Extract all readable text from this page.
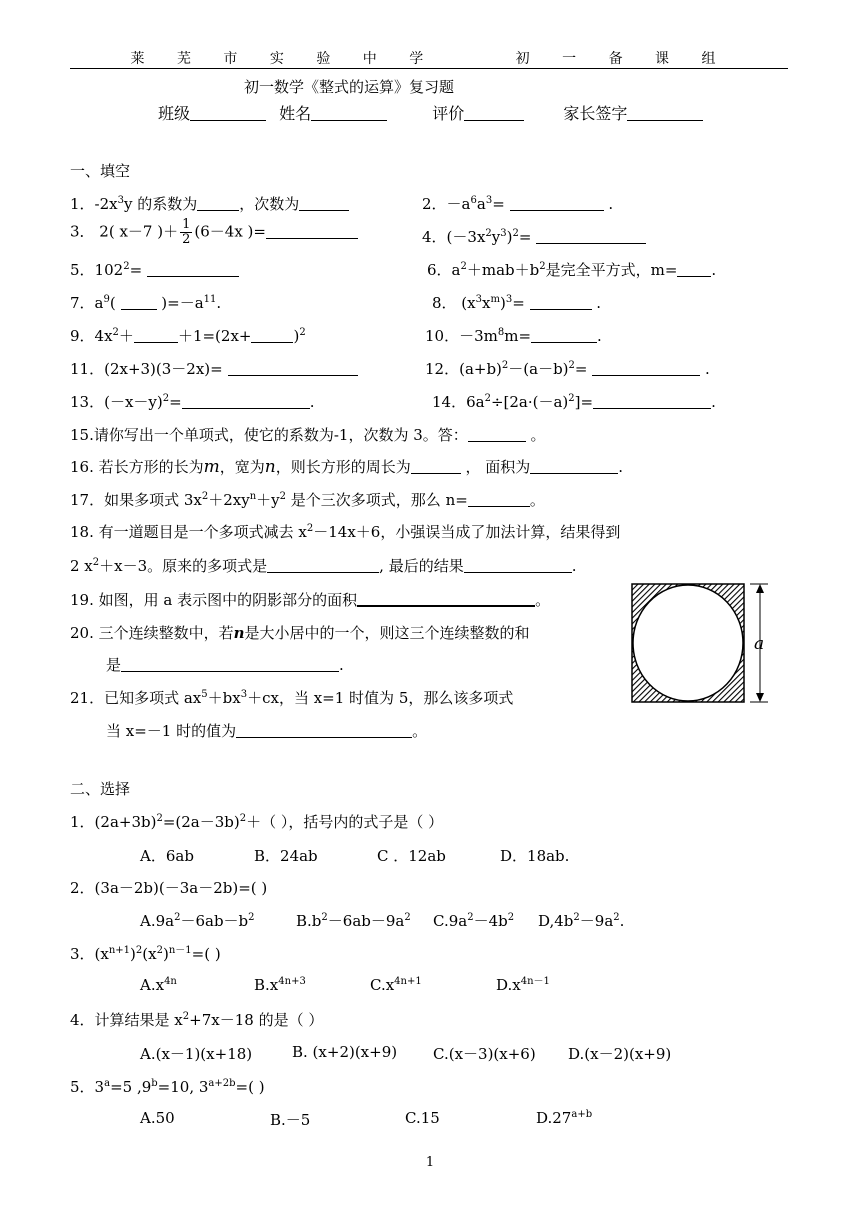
莱 芜 市 实 验 中 学	初 一 备 课 组
初一数学《整式的运算》复习题
班级	姓名	评价	家长签字
一、填空
1．$-2x^3y$ 的系数为	，次数为	2．$-a^6a^3=$	.
3． 2( x－7 )＋ $\frac{1}{2} (6-4x$ )=	4．$(-3x^2y^3)^2=$
5．$102^2=$	6．$a^2+mab+b^2$是完全平方式，m= .
7．$a^9$(  )$=-a^{11}$.	8． $(x^3x^m)^3=$	.
9．$4x^2+$	＋1=(2x+	)$^2$	10．$-3m^8m=$	.
11．(2x+3)(3－2x)=	12．$(a+b)^2-(a-b)^2=$	.
13．$(-x-y)^2=$	.	14．$6a^2\div[2a\cdot(-a)^2]=$	.
15.请你写出一个单项式，使它的系数为-1，次数为 3。答：	。
16. 若长方形的长为m，宽为n，则长方形的周长为	， 面积为	.
17．如果多项式 $3x^2+2xy^n+y^2$ 是个三次多项式，那么 n=	。
18. 有一道题目是一个多项式减去 $x^2-14x+6$，小强误当成了加法计算，结果得到
2 $x^2+x-3$。原来的多项式是	, 最后的结果	.
19. 如图，用 a 表示图中的阴影部分的面积	。
20. 三个连续整数中，若n是大小居中的一个，则这三个连续整数的和
是	.
21．已知多项式 $ax^5+bx^3+cx$，当 x=1 时值为 5，那么该多项式
当 x=－1 时的值为	。
a
二、选择
1．$(2a+3b)^2=(2a-3b)^2+$（ ），括号内的式子是（ ）
A．6ab	B．24ab	C ．12ab	D．18ab.
2．(3a－2b)(－3a－2b)=( )
$A.9a^2-6ab-b^2$	$B.b^2-6ab-9a^2$ $C.9a^2-4b^2$ $D,4b^2-9a^2$.
3．$(x^{n+1})^2(x^2)^{n-1}=$( )
$A.x^{4n}$	$B.x^{4n+3}$	$C.x^{4n+1}$	$D.x^{4n-1}$
4．计算结果是 $x^2+7x-18$ 的是（ ）
A.(x－1)(x+18)	B. (x+2)(x+9) C.(x－3)(x+6) D.(x－2)(x+9)
5．$3^a=5$ ,9$^b$=10, $3^{a+2b}=$( )
A.50	B.－5	C.15	$D.27^{a+b}$
1
